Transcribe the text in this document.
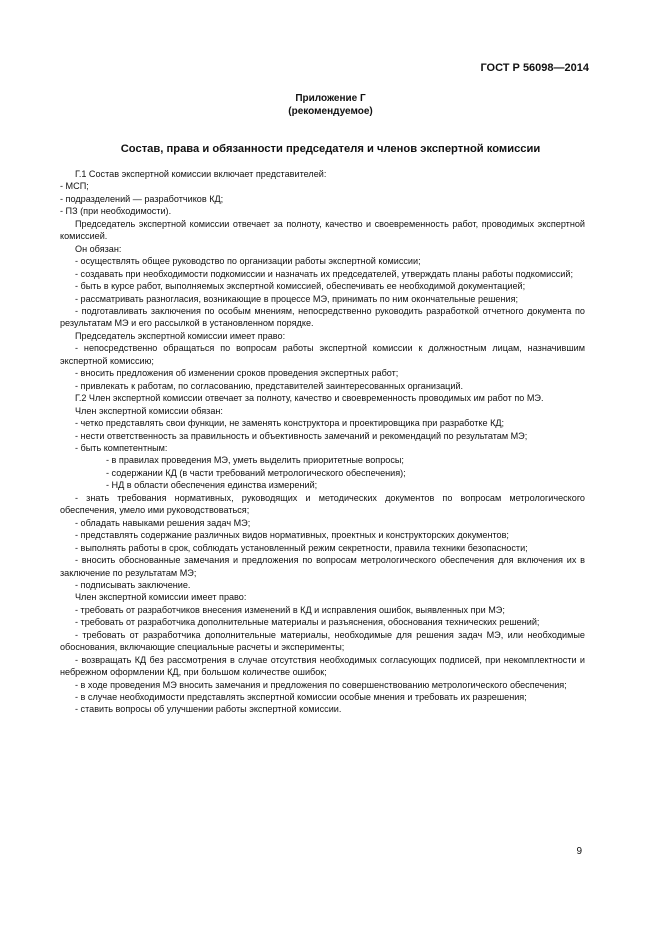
ГОСТ Р 56098—2014
Приложение Г
(рекомендуемое)
Состав, права и обязанности председателя и членов экспертной комиссии

Г.1 Состав экспертной комиссии включает представителей:

- МСП;

- подразделений — разработчиков КД;

- ПЗ (при необходимости).

Председатель экспертной комиссии отвечает за полноту, качество и своевременность работ, проводимых экспертной комиссией.

Он обязан:

- осуществлять общее руководство по организации работы экспертной комиссии;

- создавать при необходимости подкомиссии и назначать их председателей, утверждать планы работы подкомиссий;

- быть в курсе работ, выполняемых экспертной комиссией, обеспечивать ее необходимой документацией;

- рассматривать разногласия, возникающие в процессе МЭ, принимать по ним окончательные решения;

- подготавливать заключения по особым мнениям, непосредственно руководить разработкой отчетного документа по результатам МЭ и его рассылкой в установленном порядке.

Председатель экспертной комиссии имеет право:

- непосредственно обращаться по вопросам работы экспертной комиссии к должностным лицам, назначившим экспертной комиссию;

- вносить предложения об изменении сроков проведения экспертных работ;

- привлекать к работам, по согласованию, представителей заинтересованных организаций.

Г.2 Член экспертной комиссии отвечает за полноту, качество и своевременность проводимых им работ по МЭ.

Член экспертной комиссии обязан:

- четко представлять свои функции, не заменять конструктора и проектировщика при разработке КД;

- нести ответственность за правильность и объективность замечаний и рекомендаций по результатам МЭ;

- быть компетентным:

- в правилах проведения МЭ, уметь выделить приоритетные вопросы;

- содержании КД (в части требований метрологического обеспечения);

- НД в области обеспечения единства измерений;

- знать требования нормативных, руководящих и методических документов по вопросам метрологического обеспечения, умело ими руководствоваться;

- обладать навыками решения задач МЭ;

- представлять содержание различных видов нормативных, проектных и конструкторских документов;

- выполнять работы в срок, соблюдать установленный режим секретности, правила техники безопасности;

- вносить обоснованные замечания и предложения по вопросам метрологического обеспечения для включения их в заключение по результатам МЭ;

- подписывать заключение.

Член экспертной комиссии имеет право:

- требовать от разработчиков внесения изменений в КД и исправления ошибок, выявленных при МЭ;

- требовать от разработчика дополнительные материалы и разъяснения, обоснования технических решений;

- требовать от разработчика дополнительные материалы, необходимые для решения задач МЭ, или необходимые обоснования, включающие специальные расчеты и эксперименты;

- возвращать КД без рассмотрения в случае отсутствия необходимых согласующих подписей, при некомплектности и небрежном оформлении КД, при большом количестве ошибок;

- в ходе проведения МЭ вносить замечания и предложения по совершенствованию метрологического обеспечения;

- в случае необходимости представлять экспертной комиссии особые мнения и требовать их разрешения;

- ставить вопросы об улучшении работы экспертной комиссии.

9
